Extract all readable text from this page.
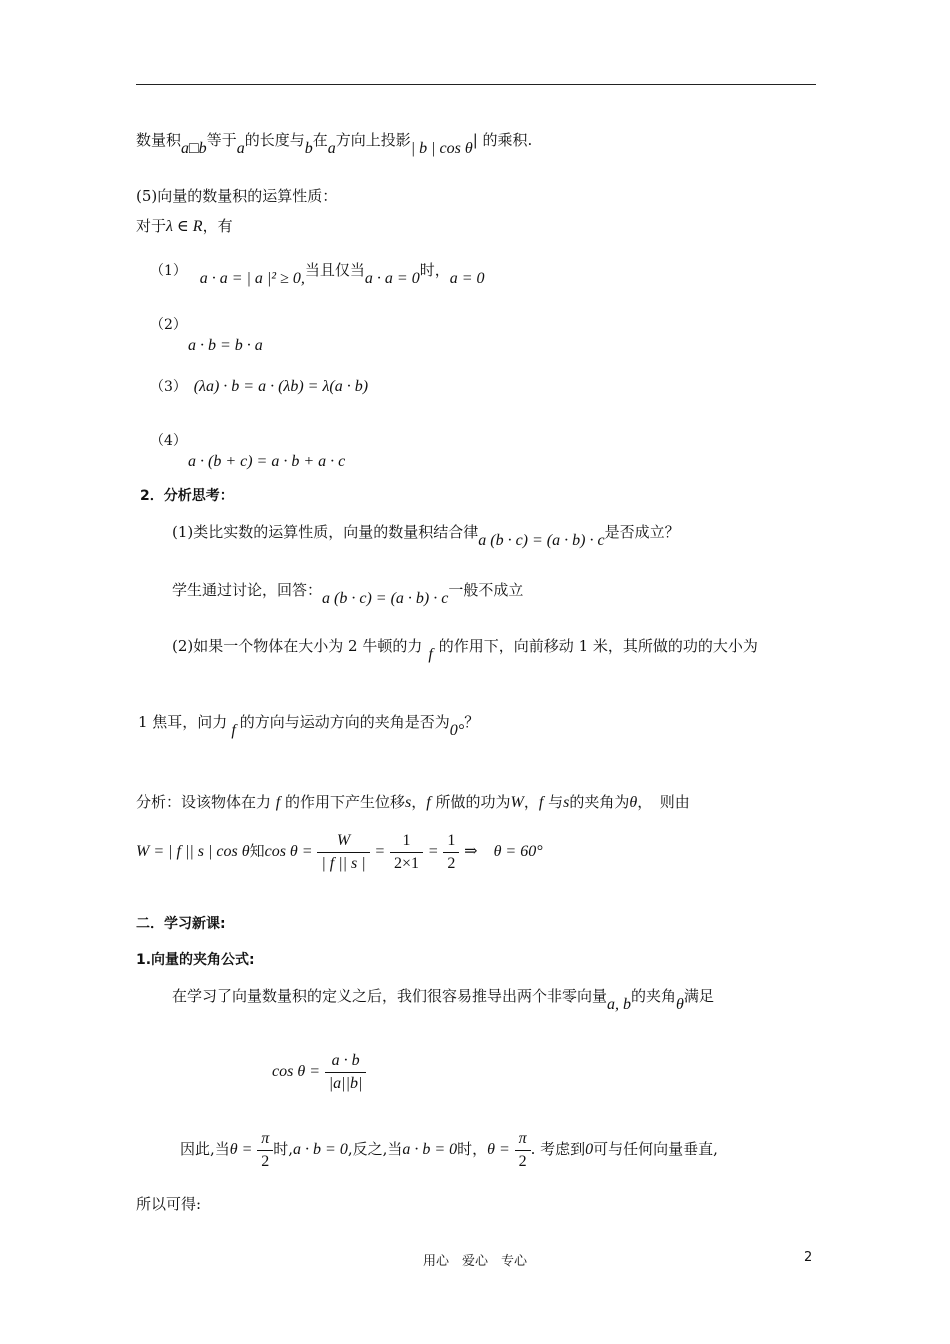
数量积a□b等于a的长度与b在a方向上投影| b | cos θ| 的乘积.
(5)向量的数量积的运算性质：
对于λ ∈ R，有
（1） a · a = | a |² ≥ 0,当且仅当a · a = 0时，a = 0
（2）
a · b = b · a
（3） (λa) · b = a · (λb) = λ(a · b)
（4）
a · (b + c) = a · b + a · c
2．分析思考：
(1)类比实数的运算性质，向量的数量积结合律a (b · c) = (a · b) · c是否成立？
学生通过讨论，回答：a (b · c) = (a · b) · c一般不成立
(2)如果一个物体在大小为 2 牛顿的力 f 的作用下，向前移动 1 米，其所做的功的大小为
1 焦耳，问力 f 的方向与运动方向的夹角是否为0°？
分析：设该物体在力 f 的作用下产生位移s，f 所做的功为W，f 与s的夹角为θ，　则由
W = | f || s | cos θ知$\cos \theta = \frac{W}{| f || s |} = \frac{1}{2\times 1} = \frac{1}{2}$ ⇒　θ = 60°
二．学习新课:
1.向量的夹角公式:
在学习了向量数量积的定义之后，我们很容易推导出两个非零向量a, b的夹角θ满足
$\cos \theta = \frac{a \cdot b}{|a||b|}$
因此,当$\theta = \frac{\pi}{2}$ 时,a · b = 0,反之,当a · b = 0时，$\theta = \frac{\pi}{2}$ . 考虑到0可与任何向量垂直,
所以可得:
用心　爱心　专心	2
